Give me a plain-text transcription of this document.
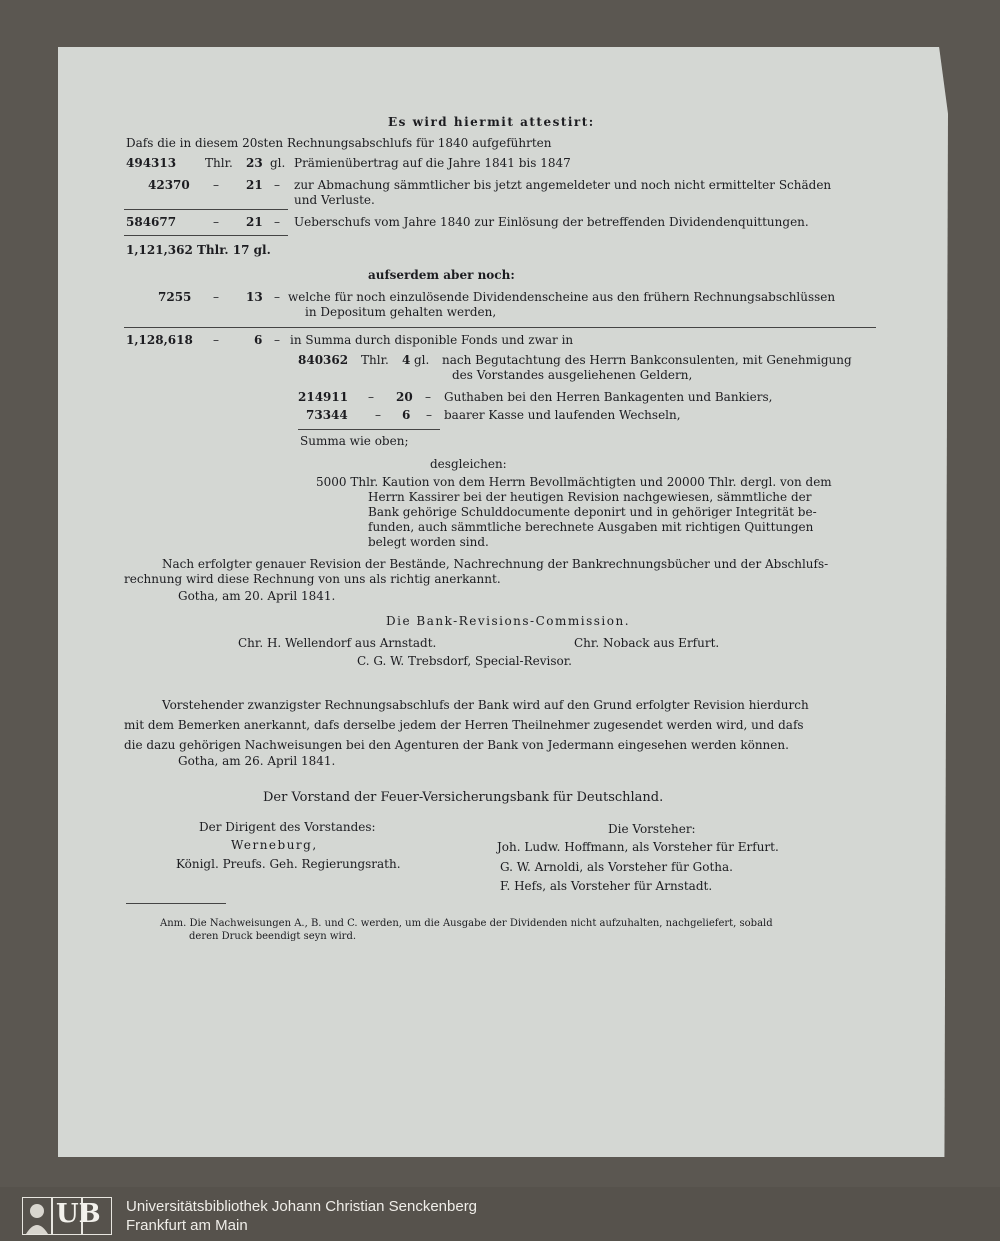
Es wird hiermit attestirt:
Dafs die in diesem 20sten Rechnungsabschlufs für 1840 aufgeführten
494313 Thlr. 23 gl. Prämienübertrag auf die Jahre 1841 bis 1847
42370 – 21 – zur Abmachung sämmtlicher bis jetzt angemeldeter und noch nicht ermittelter Schäden
und Verluste.
584677	– 21 – Ueberschufs vom Jahre 1840 zur Einlösung der betreffenden Dividendenquittungen.
1,121,362 Thlr. 17 gl.
aufserdem aber noch:
7255 – 13 – welche für noch einzulösende Dividendenscheine aus den frühern Rechnungsabschlüssen
in Depositum gehalten werden,
1,128,618 –	6 – in Summa durch disponible Fonds und zwar in
840362 Thlr. 4 gl. nach Begutachtung des Herrn Bankconsulenten, mit Genehmigung
des Vorstandes ausgeliehenen Geldern,
214911 – 20 – Guthaben bei den Herren Bankagenten und Bankiers,
73344 – 6 – baarer Kasse und laufenden Wechseln,
Summa wie oben;
desgleichen:
5000 Thlr. Kaution von dem Herrn Bevollmächtigten und 20000 Thlr. dergl. von dem
Herrn Kassirer bei der heutigen Revision nachgewiesen, sämmtliche der
Bank gehörige Schulddocumente deponirt und in gehöriger Integrität be-
funden, auch sämmtliche berechnete Ausgaben mit richtigen Quittungen
belegt worden sind.
Nach erfolgter genauer Revision der Bestände, Nachrechnung der Bankrechnungsbücher und der Abschlufs-
rechnung wird diese Rechnung von uns als richtig anerkannt.
Gotha, am 20. April 1841.
Die Bank-Revisions-Commission.
Chr. H. Wellendorf aus Arnstadt.	Chr. Noback aus Erfurt.
C. G. W. Trebsdorf, Special-Revisor.
Vorstehender zwanzigster Rechnungsabschlufs der Bank wird auf den Grund erfolgter Revision hierdurch
mit dem Bemerken anerkannt, dafs derselbe jedem der Herren Theilnehmer zugesendet werden wird, und dafs
die dazu gehörigen Nachweisungen bei den Agenturen der Bank von Jedermann eingesehen werden können.
Gotha, am 26. April 1841.
Der Vorstand der Feuer-Versicherungsbank für Deutschland.
Der Dirigent des Vorstandes:
Werneburg,
Königl. Preufs. Geh. Regierungsrath.
Die Vorsteher:
Joh. Ludw. Hoffmann, als Vorsteher für Erfurt.
G. W. Arnoldi, als Vorsteher für Gotha.
F. Hefs, als Vorsteher für Arnstadt.
Anm. Die Nachweisungen A., B. und C. werden, um die Ausgabe der Dividenden nicht aufzuhalten, nachgeliefert, sobald
deren Druck beendigt seyn wird.
UB Universitätsbibliothek Johann Christian Senckenberg
Frankfurt am Main
